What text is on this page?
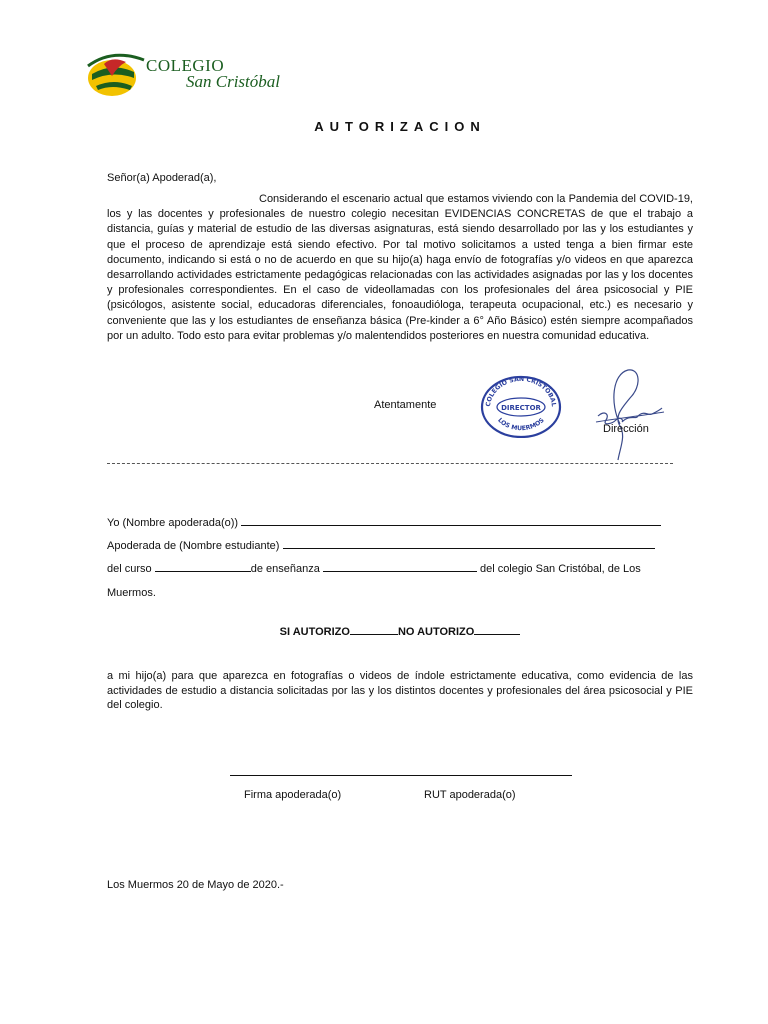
COLEGIO
San Cristóbal
AUTORIZACION
Señor(a) Apoderad(a),
Considerando el escenario actual que estamos viviendo con la Pandemia del COVID-19, los y las docentes y profesionales de nuestro colegio necesitan EVIDENCIAS CONCRETAS de que el trabajo a distancia, guías y material de estudio de las diversas asignaturas, está siendo desarrollado por las y los estudiantes y que el proceso de aprendizaje está siendo efectivo. Por tal motivo solicitamos a usted tenga a bien firmar este documento, indicando si está o no de acuerdo en que su hijo(a) haga envío de fotografías y/o videos en que aparezca desarrollando actividades estrictamente pedagógicas relacionadas con las actividades asignadas por las y los docentes y profesionales correspondientes. En el caso de videollamadas con los profesionales del área psicosocial y PIE (psicólogos, asistente social, educadoras diferenciales, fonoaudióloga, terapeuta ocupacional, etc.) es necesario y conveniente que las y los estudiantes de enseñanza básica (Pre-kinder a 6° Año Básico) estén siempre acompañados por un adulto. Todo esto para evitar problemas y/o malentendidos posteriores en nuestra comunidad educativa.
Atentamente	COLEGIO SAN CRISTÓBAL
DIRECTOR
LOS MUERMOS
Dirección
Yo (Nombre apoderada(o))
Apoderada de (Nombre estudiante)
del curso	de enseñanza	del colegio San Cristóbal, de Los
Muermos.
SI AUTORIZO	NO AUTORIZO
a mi hijo(a) para que aparezca en fotografías o videos de índole estrictamente educativa, como evidencia de las actividades de estudio a distancia solicitadas por las y los distintos docentes y profesionales del área psicosocial y PIE del colegio.
Firma apoderada(o)	RUT apoderada(o)
Los Muermos 20 de Mayo de 2020.-
